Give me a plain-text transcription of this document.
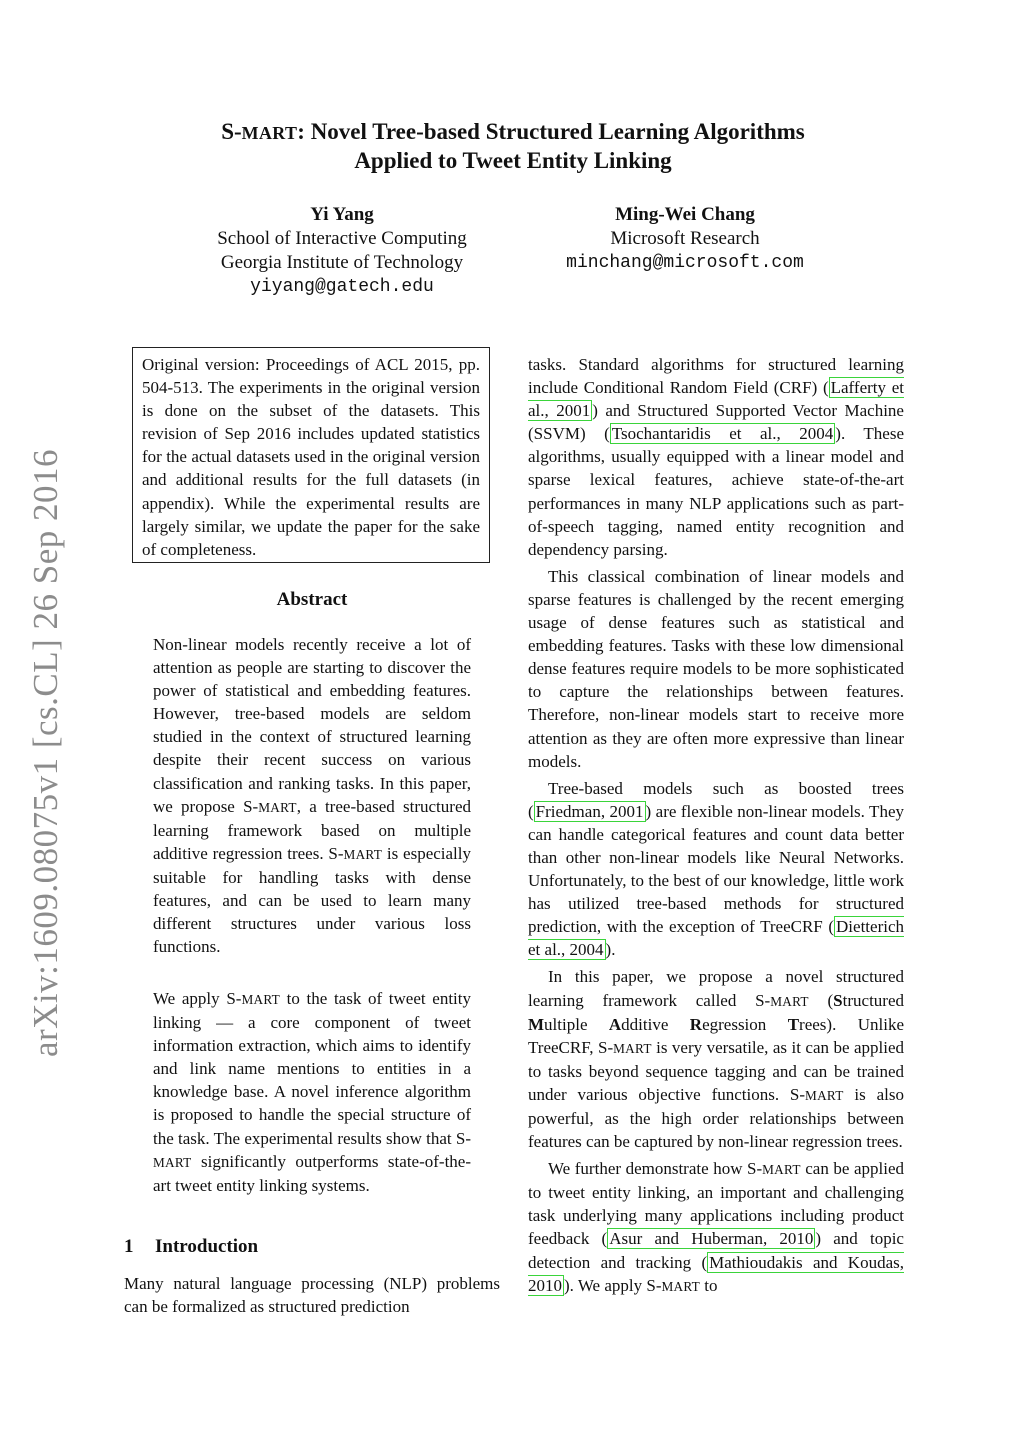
arXiv:1609.08075v1 [cs.CL] 26 Sep 2016
S-MART: Novel Tree-based Structured Learning Algorithms
Applied to Tweet Entity Linking
Yi Yang
School of Interactive Computing
Georgia Institute of Technology
yiyang@gatech.edu
Ming-Wei Chang
Microsoft Research
minchang@microsoft.com
Original version: Proceedings of ACL 2015, pp. 504-513. The experiments in the original version is done on the subset of the datasets. This revision of Sep 2016 includes updated statistics for the actual datasets used in the original version and additional results for the full datasets (in appendix). While the experimental results are largely similar, we update the paper for the sake of completeness.
Abstract
Non-linear models recently receive a lot of attention as people are starting to discover the power of statistical and embedding features. However, tree-based models are seldom studied in the context of structured learning despite their recent success on various classification and ranking tasks. In this paper, we propose S-MART, a tree-based structured learning framework based on multiple additive regression trees. S-MART is especially suitable for handling tasks with dense features, and can be used to learn many different structures under various loss functions.
We apply S-MART to the task of tweet entity linking — a core component of tweet information extraction, which aims to identify and link name mentions to entities in a knowledge base. A novel inference algorithm is proposed to handle the special structure of the task. The experimental results show that S-MART significantly outperforms state-of-the-art tweet entity linking systems.
1 Introduction
Many natural language processing (NLP) problems can be formalized as structured prediction

tasks. Standard algorithms for structured learning include Conditional Random Field (CRF) ( Lafferty et al., 2001 ) and Structured Supported Vector Machine (SSVM) ( Tsochantaridis et al., 2004 ). These algorithms, usually equipped with a linear model and sparse lexical features, achieve state-of-the-art performances in many NLP applications such as part-of-speech tagging, named entity recognition and dependency parsing.

This classical combination of linear models and sparse features is challenged by the recent emerging usage of dense features such as statistical and embedding features. Tasks with these low dimensional dense features require models to be more sophisticated to capture the relationships between features. Therefore, non-linear models start to receive more attention as they are often more expressive than linear models.

Tree-based models such as boosted trees ( Friedman, 2001 ) are flexible non-linear models. They can handle categorical features and count data better than other non-linear models like Neural Networks. Unfortunately, to the best of our knowledge, little work has utilized tree-based methods for structured prediction, with the exception of TreeCRF ( Dietterich et al., 2004 ).

In this paper, we propose a novel structured learning framework called S-MART (Structured Multiple Additive Regression Trees). Unlike TreeCRF, S-MART is very versatile, as it can be applied to tasks beyond sequence tagging and can be trained under various objective functions. S-MART is also powerful, as the high order relationships between features can be captured by non-linear regression trees.

We further demonstrate how S-MART can be applied to tweet entity linking, an important and challenging task underlying many applications including product feedback ( Asur and Huberman, 2010 ) and topic detection and tracking ( Mathioudakis and Koudas, 2010 ). We apply S-MART to
